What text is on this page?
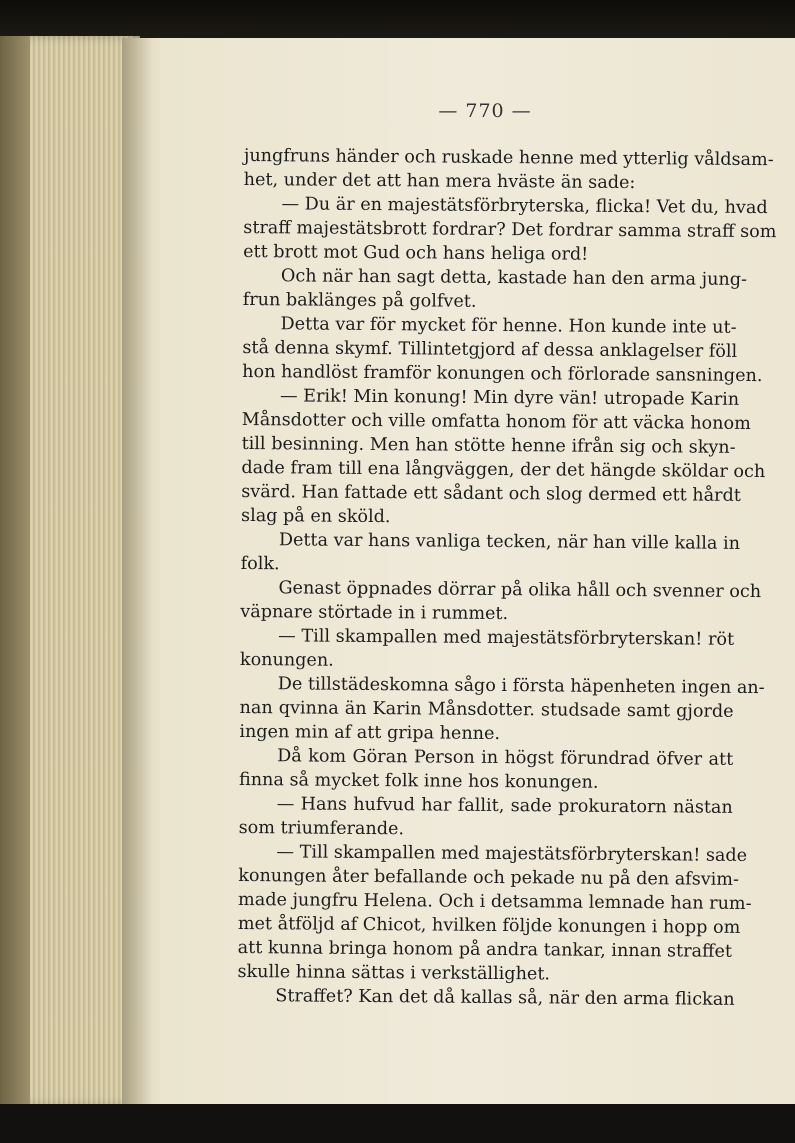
— 770 —
jungfruns händer och ruskade henne med ytterlig våldsam-
het, under det att han mera hväste än sade:
— Du är en majestätsförbryterska, flicka! Vet du, hvad
straff majestätsbrott fordrar? Det fordrar samma straff som
ett brott mot Gud och hans heliga ord!
Och när han sagt detta, kastade han den arma jung-
frun baklänges på golfvet.
Detta var för mycket för henne. Hon kunde inte ut-
stå denna skymf. Tillintetgjord af dessa anklagelser föll
hon handlöst framför konungen och förlorade sansningen.
— Erik! Min konung! Min dyre vän! utropade Karin
Månsdotter och ville omfatta honom för att väcka honom
till besinning. Men han stötte henne ifrån sig och skyn-
dade fram till ena långväggen, der det hängde sköldar och
svärd. Han fattade ett sådant och slog dermed ett hårdt
slag på en sköld.
Detta var hans vanliga tecken, när han ville kalla in
folk.
Genast öppnades dörrar på olika håll och svenner och
väpnare störtade in i rummet.
— Till skampallen med majestätsförbryterskan! röt
konungen.
De tillstädeskomna sågo i första häpenheten ingen an-
nan qvinna än Karin Månsdotter. studsade samt gjorde
ingen min af att gripa henne.
Då kom Göran Person in högst förundrad öfver att
finna så mycket folk inne hos konungen.
— Hans hufvud har fallit, sade prokuratorn nästan
som triumferande.
— Till skampallen med majestätsförbryterskan! sade
konungen åter befallande och pekade nu på den afsvim-
made jungfru Helena. Och i detsamma lemnade han rum-
met åtföljd af Chicot, hvilken följde konungen i hopp om
att kunna bringa honom på andra tankar, innan straffet
skulle hinna sättas i verkställighet.
Straffet? Kan det då kallas så, när den arma flickan
